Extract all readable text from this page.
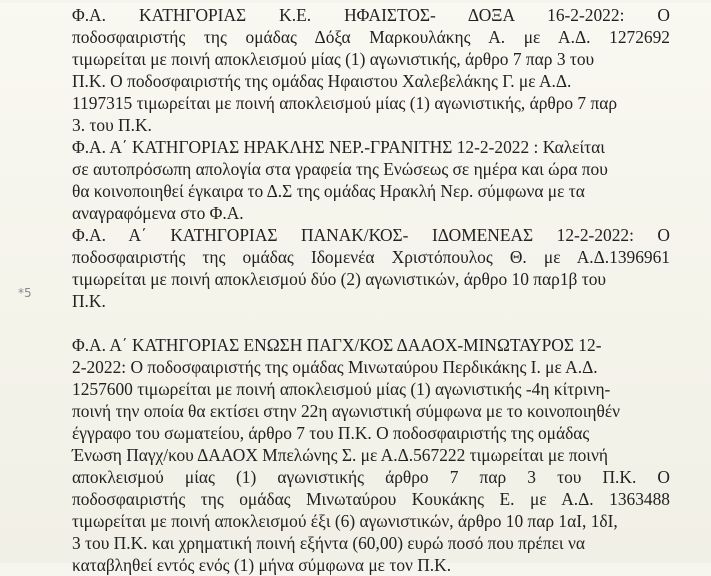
*5
Φ.Α. ΚΑΤΗΓΟΡΙΑΣ Κ.Ε. ΗΦΑΙΣΤΟΣ- ΔΟΞΑ 16-2-2022: Ο
ποδοσφαιριστής της ομάδας Δόξα Μαρκουλάκης Α. με Α.Δ. 1272692
τιμωρείται με ποινή αποκλεισμού μίας (1) αγωνιστικής, άρθρο 7 παρ 3 του
Π.Κ. Ο ποδοσφαιριστής της ομάδας Ηφαιστου Χαλεβελάκης Γ. με Α.Δ.
1197315 τιμωρείται με ποινή αποκλεισμού μίας (1) αγωνιστικής, άρθρο 7 παρ
3. του Π.Κ.
Φ.Α. Α΄ ΚΑΤΗΓΟΡΙΑΣ ΗΡΑΚΛΗΣ ΝΕΡ.-ΓΡΑΝΙΤΗΣ 12-2-2022 : Καλείται
σε αυτοπρόσωπη απολογία στα γραφεία της Ενώσεως σε ημέρα και ώρα που
θα κοινοποιηθεί έγκαιρα το Δ.Σ της ομάδας Ηρακλή Νερ. σύμφωνα με τα
αναγραφόμενα στο Φ.Α.
Φ.Α. Α΄ ΚΑΤΗΓΟΡΙΑΣ ΠΑΝΑΚ/ΚΟΣ- ΙΔΟΜΕΝΕΑΣ 12-2-2022: Ο
ποδοσφαιριστής της ομάδας Ιδομενέα Χριστόπουλος Θ. με Α.Δ.1396961
τιμωρείται με ποινή αποκλεισμού δύο (2) αγωνιστικών, άρθρο 10 παρ1β του
Π.Κ.
Φ.Α. Α΄ ΚΑΤΗΓΟΡΙΑΣ ΕΝΩΣΗ ΠΑΓΧ/ΚΟΣ ΔΑΑΟΧ-ΜΙΝΩΤΑΥΡΟΣ 12-
2-2022: Ο ποδοσφαιριστής της ομάδας Μινωταύρου Περδικάκης Ι. με Α.Δ.
1257600 τιμωρείται με ποινή αποκλεισμού μίας (1) αγωνιστικής -4η κίτρινη-
ποινή την οποία θα εκτίσει στην 22η αγωνιστική σύμφωνα με το κοινοποιηθέν
έγγραφο του σωματείου, άρθρο 7 του Π.Κ. Ο ποδοσφαιριστής της ομάδας
Ένωση Παγχ/κου ΔΑΑΟΧ Μπελώνης Σ. με Α.Δ.567222 τιμωρείται με ποινή
αποκλεισμού μίας (1) αγωνιστικής άρθρο 7 παρ 3 του Π.Κ. Ο
ποδοσφαιριστής της ομάδας Μινωταύρου Κουκάκης Ε. με Α.Δ. 1363488
τιμωρείται με ποινή αποκλεισμού έξι (6) αγωνιστικών, άρθρο 10 παρ 1αΙ, 1δΙ,
3 του Π.Κ. και χρηματική ποινή εξήντα (60,00) ευρώ ποσό που πρέπει να
καταβληθεί εντός ενός (1) μήνα σύμφωνα με τον Π.Κ.
